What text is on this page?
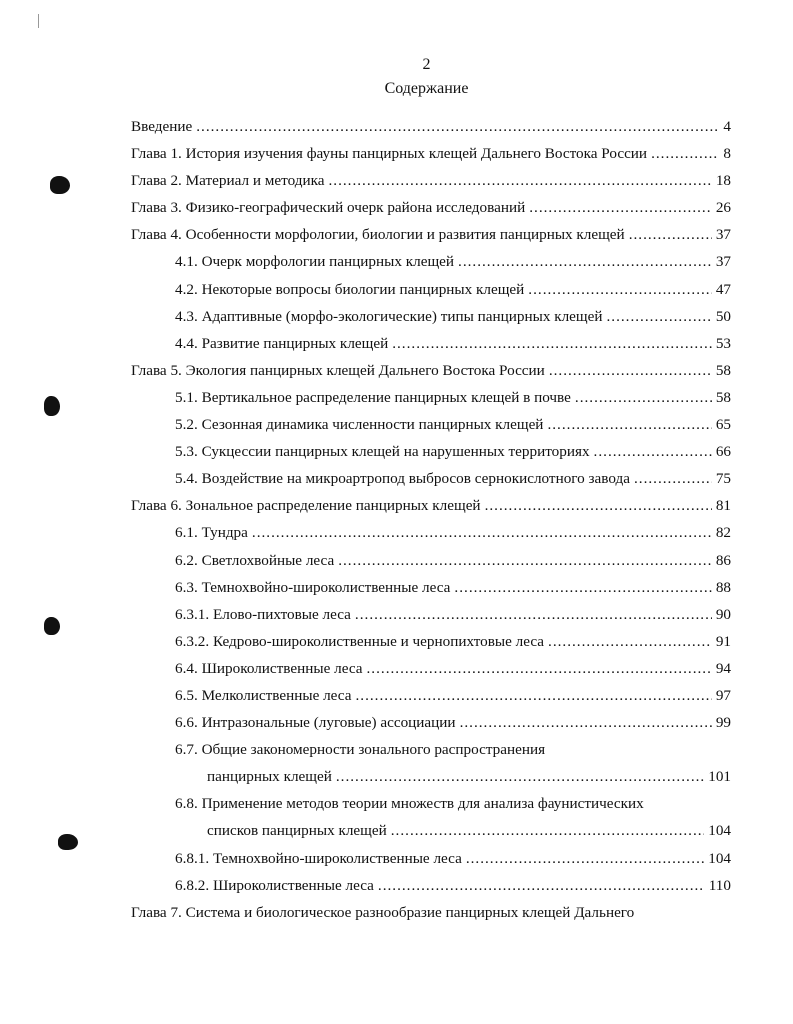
2
Содержание
Введение .....	4
Глава 1. История изучения фауны панцирных клещей Дальнего Востока России .....	8
Глава 2. Материал и методика .....	18
Глава 3. Физико-географический очерк района исследований .....	26
Глава 4. Особенности морфологии, биологии и развития панцирных клещей .....	37
4.1. Очерк морфологии панцирных клещей .....	37
4.2. Некоторые вопросы биологии панцирных клещей .....	47
4.3. Адаптивные (морфо-экологические) типы панцирных клещей .....	50
4.4. Развитие панцирных клещей .....	53
Глава 5. Экология панцирных клещей Дальнего Востока России .....	58
5.1. Вертикальное распределение панцирных клещей в почве .....	58
5.2. Сезонная динамика численности панцирных клещей .....	65
5.3. Сукцессии панцирных клещей на нарушенных территориях .....	66
5.4. Воздействие на микроартропод выбросов сернокислотного завода .....	75
Глава 6. Зональное распределение панцирных клещей .....	81
6.1. Тундра .....	82
6.2. Светлохвойные леса .....	86
6.3. Темнохвойно-широколиственные леса .....	88
6.3.1. Елово-пихтовые леса .....	90
6.3.2. Кедрово-широколиственные и чернопихтовые леса .....	91
6.4. Широколиственные леса .....	94
6.5. Мелколиственные леса .....	97
6.6. Интразональные (луговые) ассоциации .....	99
6.7. Общие закономерности зонального распространения
панцирных клещей .....	101
6.8. Применение методов теории множеств для анализа фаунистических
списков панцирных клещей .....	104
6.8.1. Темнохвойно-широколиственные леса .....	104
6.8.2. Широколиственные леса .....	110
Глава 7. Система и биологическое разнообразие панцирных клещей Дальнего
